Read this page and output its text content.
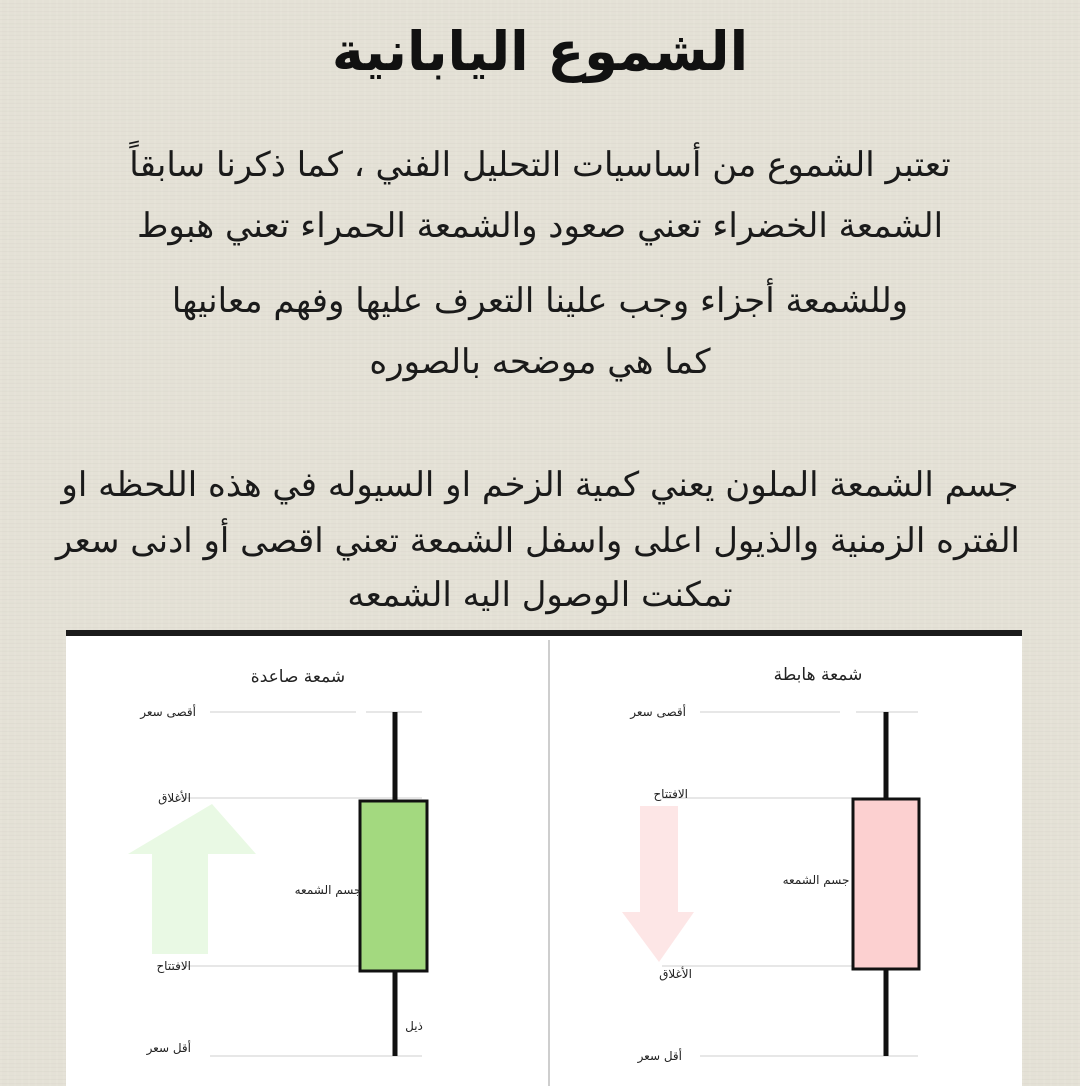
الشموع اليابانية

تعتبر الشموع من أساسيات التحليل الفني ، كما ذكرنا سابقاً

الشمعة الخضراء تعني صعود والشمعة الحمراء تعني هبوط

وللشمعة أجزاء وجب علينا التعرف عليها وفهم معانيها

كما هي موضحه بالصوره

جسم الشمعة الملون يعني كمية الزخم او السيوله في هذه اللحظه او

الفتره الزمنية والذيول اعلى واسفل الشمعة تعني اقصى أو ادنى سعر

تمكنت الوصول اليه الشمعه

شمعة صاعدة
أقصى سعر
الأغلاق
جسم الشمعه
الافتتاح
ذيل
أقل سعر
شمعة هابطة
أقصى سعر
الافتتاح
جسم الشمعه
الأغلاق
أقل سعر
